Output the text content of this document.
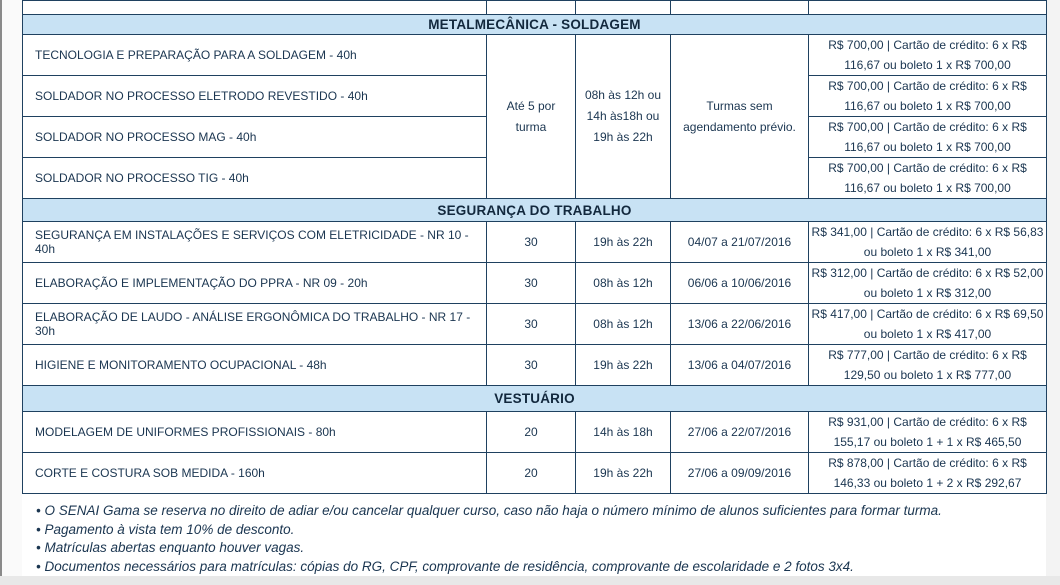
METALMECÂNICA - SOLDAGEM				
TECNOLOGIA E PREPARAÇÃO PARA A SOLDAGEM - 40h	Até 5 por turma	08h às 12h ou 14h às18h ou 19h às 22h	Turmas sem agendamento prévio.	R$ 700,00 | Cartão de crédito: 6 x R$
116,67 ou boleto 1 x R$ 700,00

SOLDADOR NO PROCESSO ELETRODO REVESTIDO - 40h				R$ 700,00 | Cartão de crédito: 6 x R$
116,67 ou boleto 1 x R$ 700,00

SOLDADOR NO PROCESSO MAG - 40h				R$ 700,00 | Cartão de crédito: 6 x R$
116,67 ou boleto 1 x R$ 700,00

SOLDADOR NO PROCESSO TIG - 40h				R$ 700,00 | Cartão de crédito: 6 x R$
116,67 ou boleto 1 x R$ 700,00

SEGURANÇA DO TRABALHO				
SEGURANÇA EM INSTALAÇÕES E SERVIÇOS COM ELETRICIDADE - NR 10 - 40h	30	19h às 22h	04/07 a 21/07/2016	R$ 341,00 | Cartão de crédito: 6 x R$ 56,83
ou boleto 1 x R$ 341,00

ELABORAÇÃO E IMPLEMENTAÇÃO DO PPRA - NR 09 - 20h	30	08h às 12h	06/06 a 10/06/2016	R$ 312,00 | Cartão de crédito: 6 x R$ 52,00
ou boleto 1 x R$ 312,00

ELABORAÇÃO DE LAUDO - ANÁLISE ERGONÔMICA DO TRABALHO - NR 17 - 30h	30	08h às 12h	13/06 a 22/06/2016	R$ 417,00 | Cartão de crédito: 6 x R$ 69,50
ou boleto 1 x R$ 417,00

HIGIENE E MONITORAMENTO OCUPACIONAL - 48h	30	19h às 22h	13/06 a 04/07/2016	R$ 777,00 | Cartão de crédito: 6 x R$
129,50 ou boleto 1 x R$ 777,00

VESTUÁRIO				
MODELAGEM DE UNIFORMES PROFISSIONAIS - 80h	20	14h às 18h	27/06 a 22/07/2016	R$ 931,00 | Cartão de crédito: 6 x R$
155,17 ou boleto 1 + 1 x R$ 465,50

CORTE E COSTURA SOB MEDIDA - 160h	20	19h às 22h	27/06 a 09/09/2016	R$ 878,00 | Cartão de crédito: 6 x R$
146,33 ou boleto 1 + 2 x R$ 292,67
• O SENAI Gama se reserva no direito de adiar e/ou cancelar qualquer curso, caso não haja o número mínimo de alunos suficientes para formar turma.
• Pagamento à vista tem 10% de desconto.
• Matrículas abertas enquanto houver vagas.
• Documentos necessários para matrículas: cópias do RG, CPF, comprovante de residência, comprovante de escolaridade e 2 fotos 3x4.
